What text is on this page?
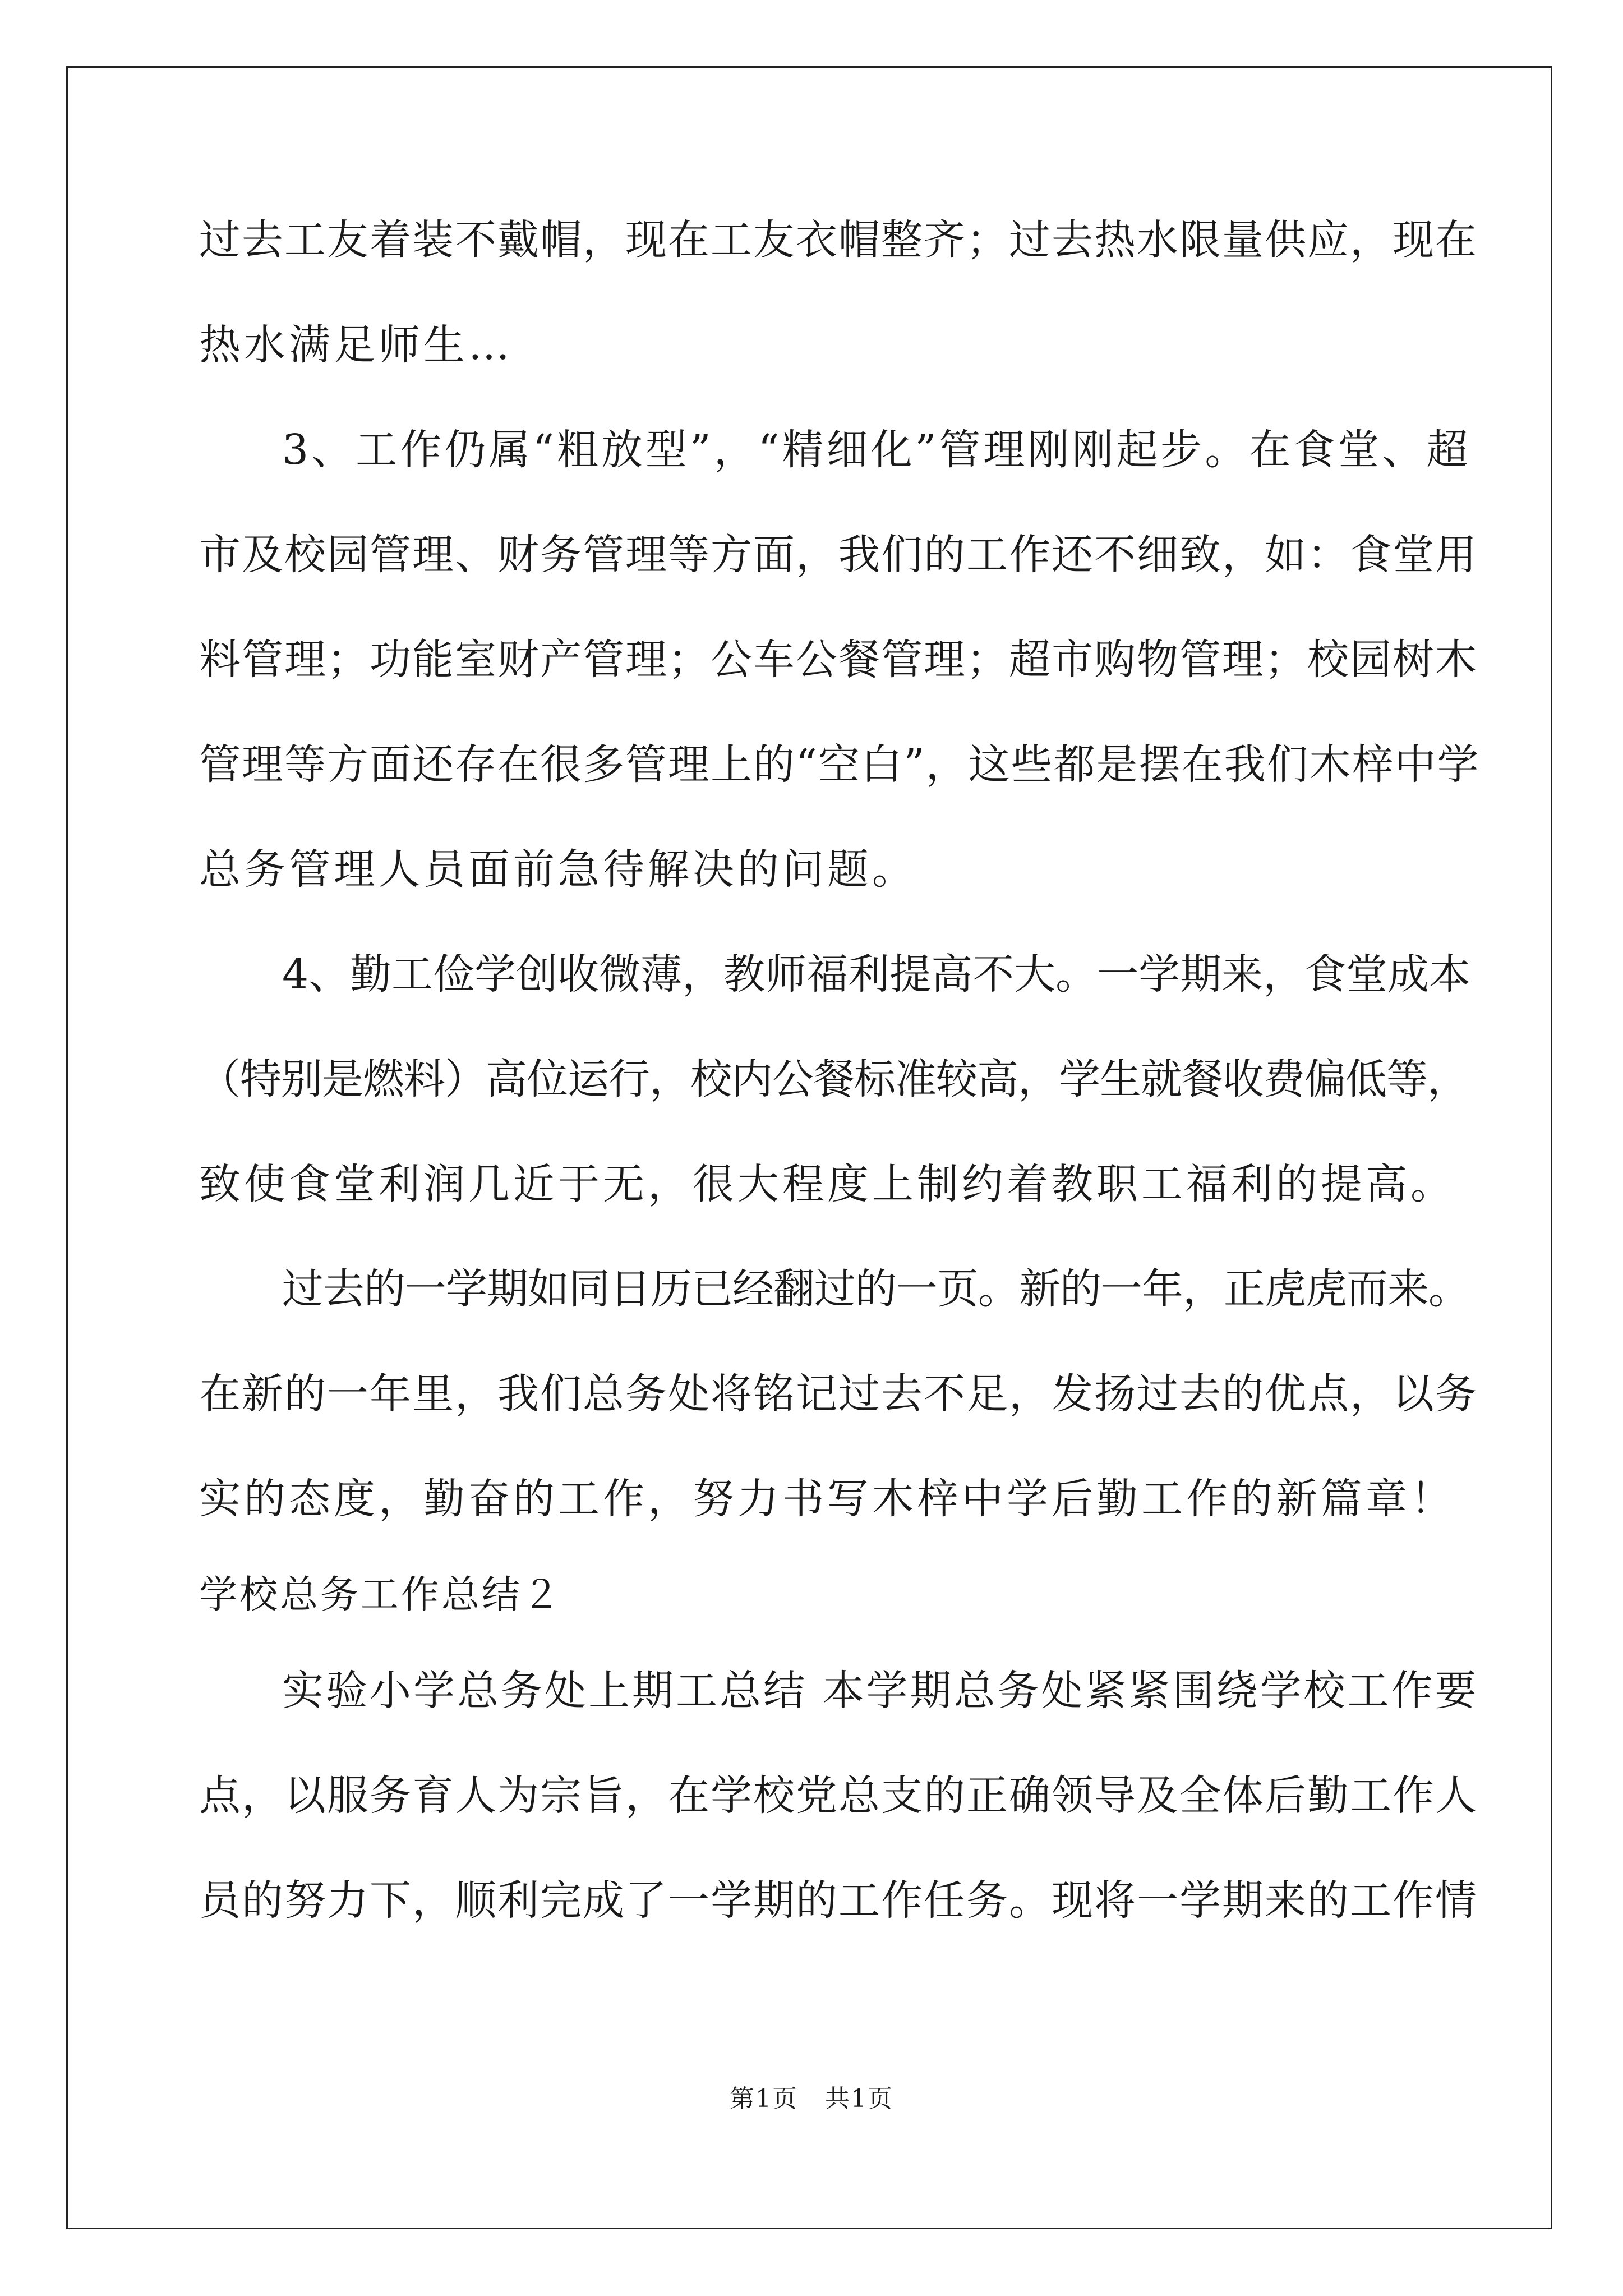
过去工友着装不戴帽，现在工友衣帽整齐；过去热水限量供应，现在
热水满足师生…
3、工作仍属“粗放型”，“精细化”管理刚刚起步。在食堂、超
市及校园管理、财务管理等方面，我们的工作还不细致，如：食堂用
料管理；功能室财产管理；公车公餐管理；超市购物管理；校园树木
管理等方面还存在很多管理上的“空白”，这些都是摆在我们木梓中学
总务管理人员面前急待解决的问题。
4、勤工俭学创收微薄，教师福利提高不大。一学期来，食堂成本
（特别是燃料）高位运行，校内公餐标准较高，学生就餐收费偏低等，
致使食堂利润几近于无，很大程度上制约着教职工福利的提高。
过去的一学期如同日历已经翻过的一页。新的一年，正虎虎而来。
在新的一年里，我们总务处将铭记过去不足，发扬过去的优点，以务
实的态度，勤奋的工作，努力书写木梓中学后勤工作的新篇章！
学校总务工作总结２
实验小学总务处上期工总结 本学期总务处紧紧围绕学校工作要
点，以服务育人为宗旨，在学校党总支的正确领导及全体后勤工作人
员的努力下，顺利完成了一学期的工作任务。现将一学期来的工作情
第1页   共1页
